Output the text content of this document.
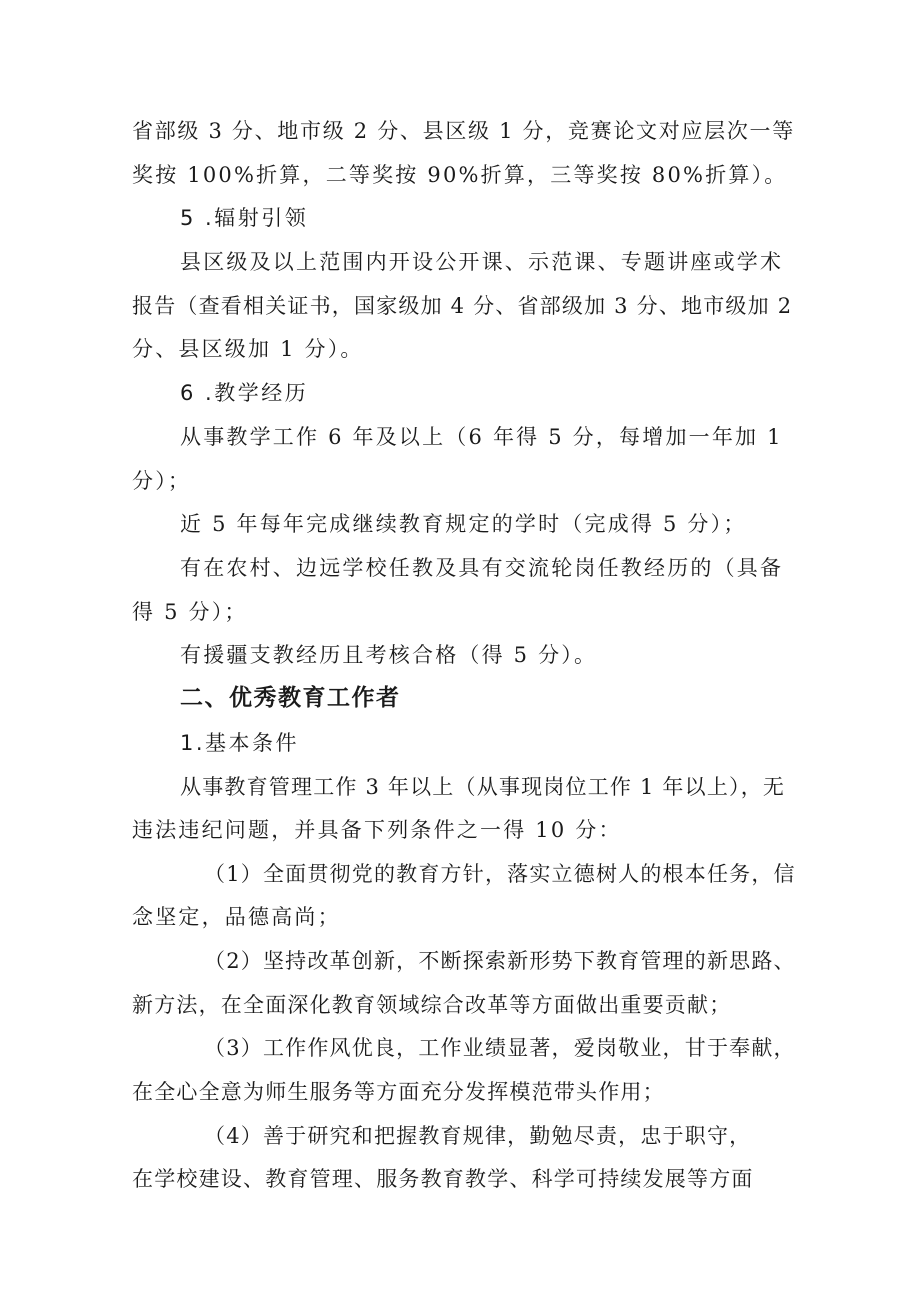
省部级 3 分、地市级 2 分、县区级 1 分，竞赛论文对应层次一等
奖按 100%折算，二等奖按 90%折算，三等奖按 80%折算）。
5 .辐射引领
县区级及以上范围内开设公开课、示范课、专题讲座或学术
报告（查看相关证书，国家级加 4 分、省部级加 3 分、地市级加 2
分、县区级加 1 分）。
6 .教学经历
从事教学工作 6 年及以上（6 年得 5 分，每增加一年加 1
分）；
近 5 年每年完成继续教育规定的学时（完成得 5 分）；
有在农村、边远学校任教及具有交流轮岗任教经历的（具备
得 5 分）；
有援疆支教经历且考核合格（得 5 分）。
二、优秀教育工作者
1.基本条件
从事教育管理工作 3 年以上（从事现岗位工作 1 年以上），无
违法违纪问题，并具备下列条件之一得 10 分：
（1）全面贯彻党的教育方针，落实立德树人的根本任务，信
念坚定，品德高尚；
（2）坚持改革创新，不断探索新形势下教育管理的新思路、
新方法，在全面深化教育领域综合改革等方面做出重要贡献；
（3）工作作风优良，工作业绩显著，爱岗敬业，甘于奉献，
在全心全意为师生服务等方面充分发挥模范带头作用；
（4）善于研究和把握教育规律，勤勉尽责，忠于职守，
在学校建设、教育管理、服务教育教学、科学可持续发展等方面
